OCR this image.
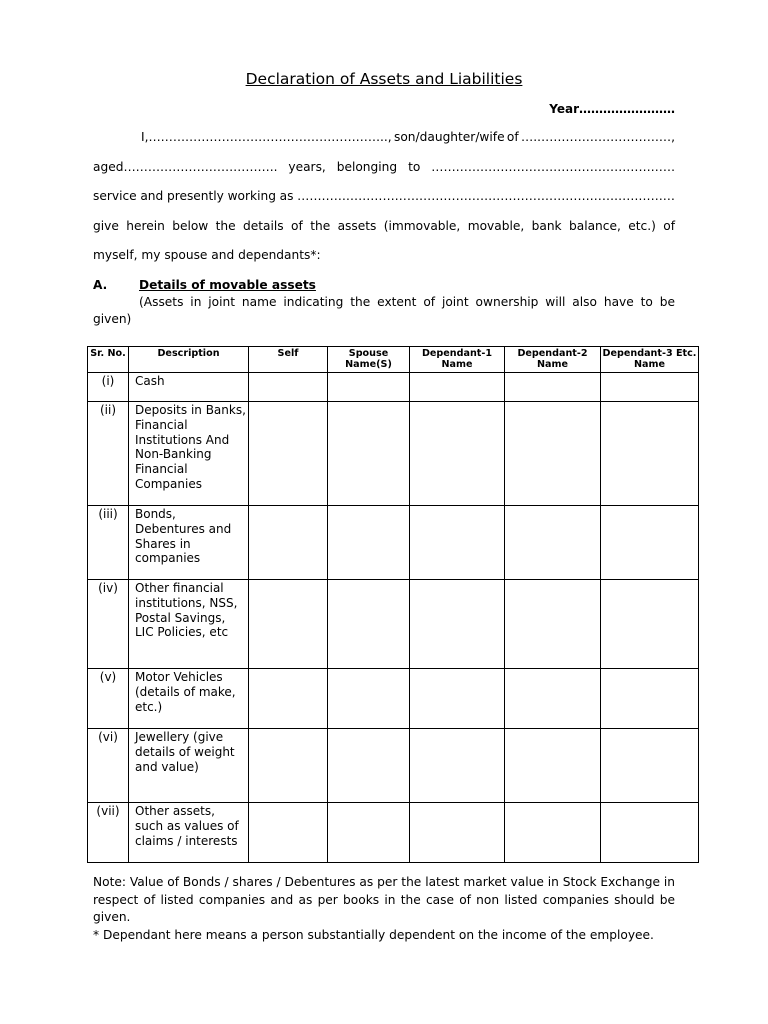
Declaration of Assets and Liabilities
Year……………………
I,………………………………………………….., son/daughter/wife of ….……………………………,
aged……………………………….. years, belonging to ……………………………………………………
service and presently working as …………………………………………………………………………………
give herein below the details of the assets (immovable, movable, bank balance, etc.) of
myself, my spouse and dependants*:
A.	Details of movable assets
(Assets in joint name indicating the extent of joint ownership will also have to be given)
Sr. No.	Description	Self	Spouse Name(S)	Dependant-1 Name	Dependant-2 Name	Dependant-3 Etc. Name
(i)	Cash					
(ii)	Deposits in Banks, Financial Institutions And Non-Banking Financial Companies					
(iii)	Bonds, Debentures and Shares in companies					
(iv)	Other financial institutions, NSS, Postal Savings, LIC Policies, etc					
(v)	Motor Vehicles (details of make, etc.)					
(vi)	Jewellery (give details of weight and value)					
(vii)	Other assets, such as values of claims / interests					
Note: Value of Bonds / shares / Debentures as per the latest market value in Stock Exchange in respect of listed companies and as per books in the case of non listed companies should be given.
* Dependant here means a person substantially dependent on the income of the employee.
